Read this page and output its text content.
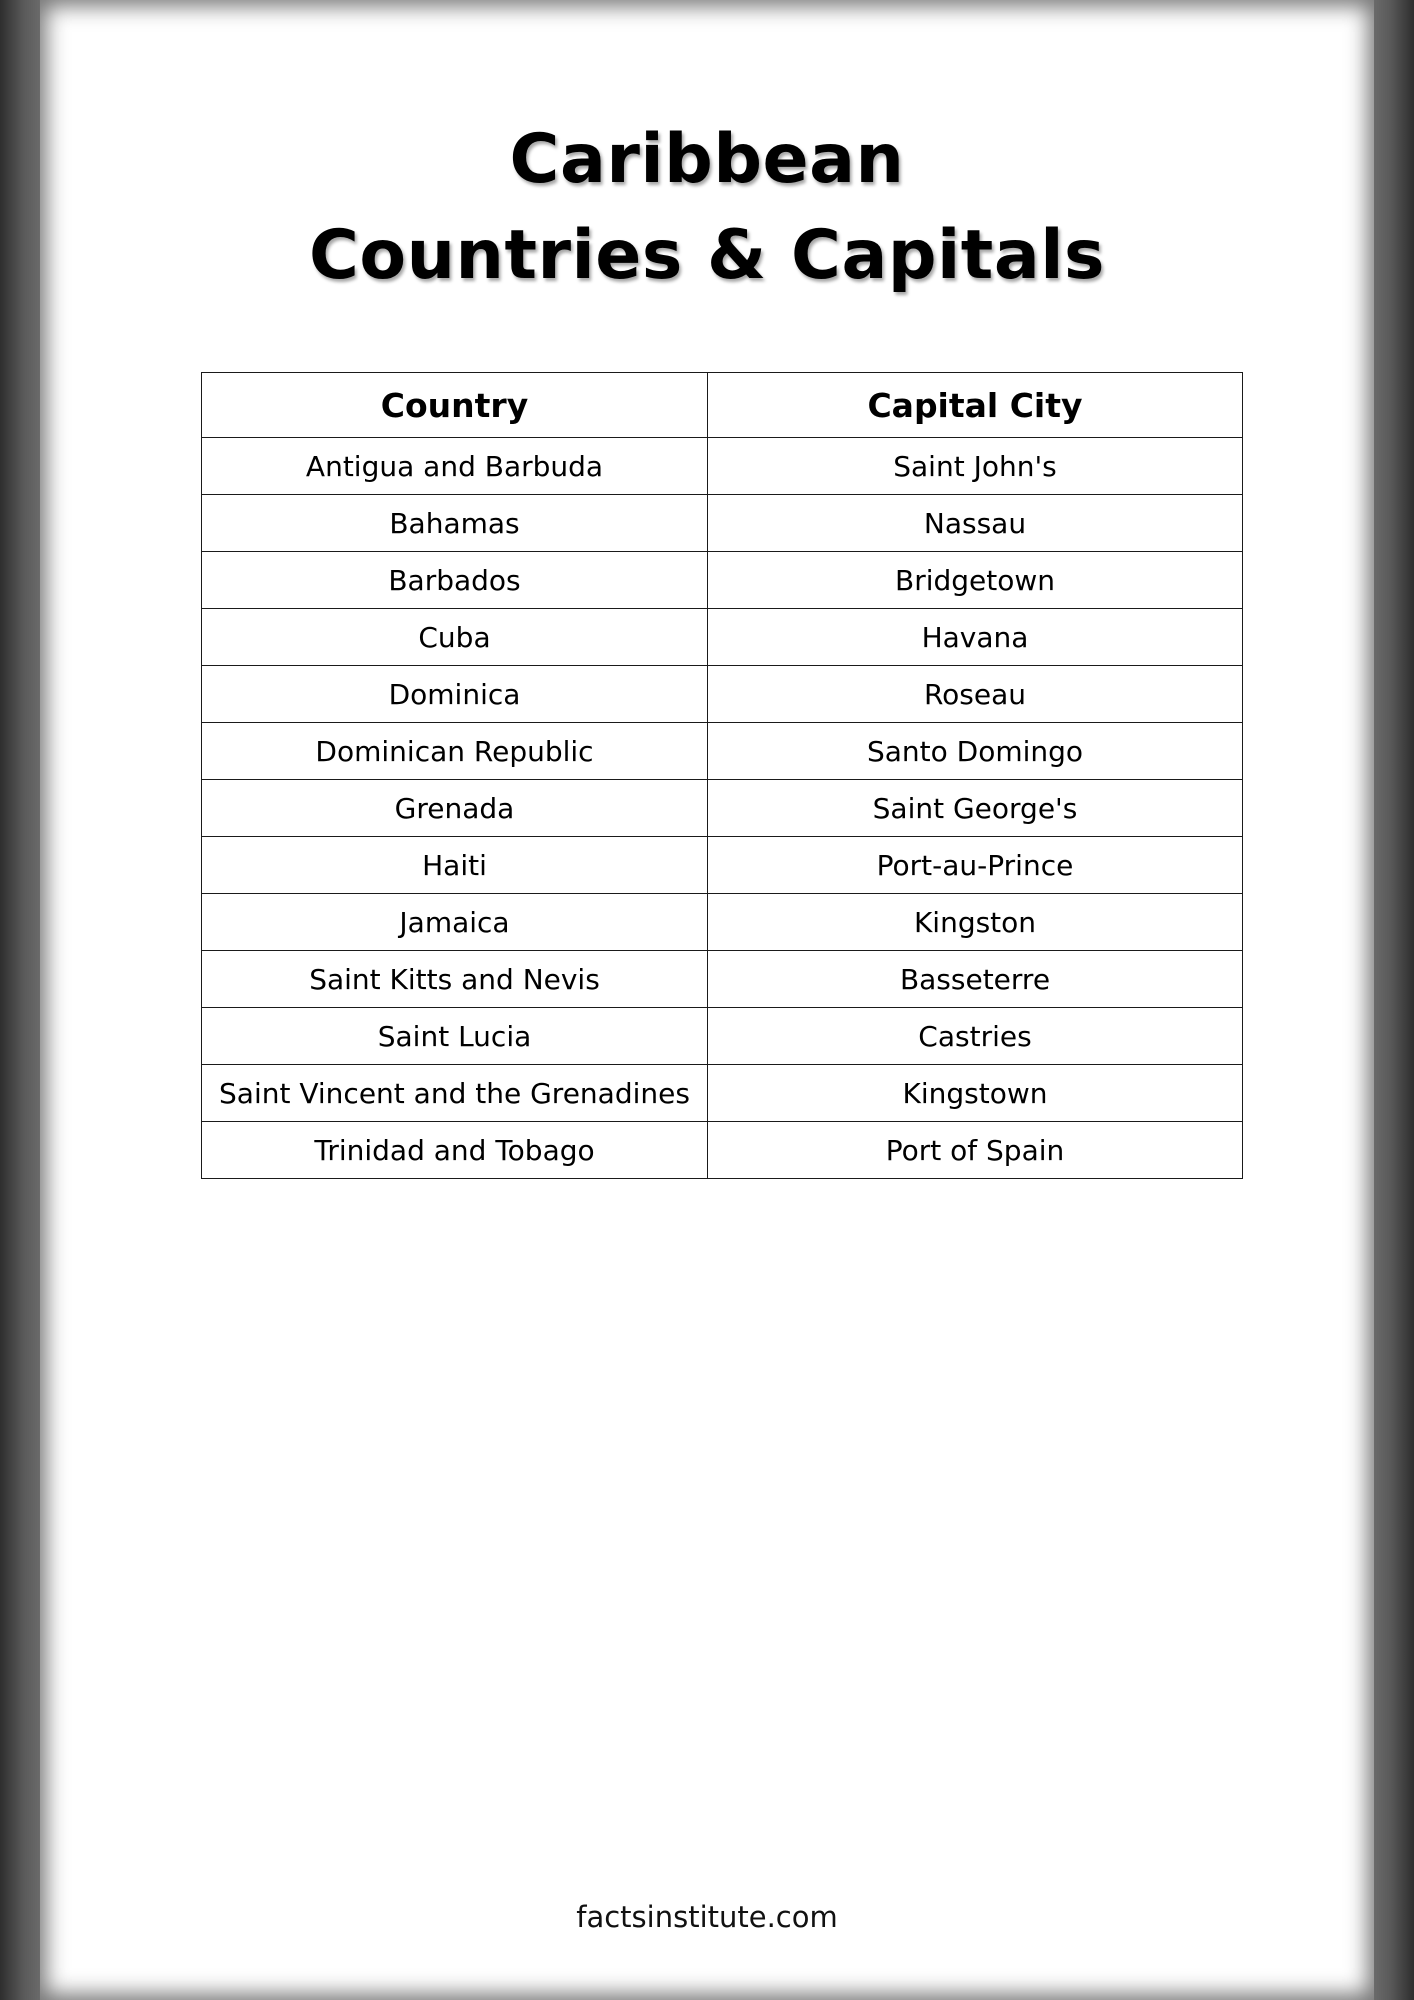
Caribbean
Countries & Capitals
Country	Capital City
Antigua and Barbuda	Saint John's
Bahamas	Nassau
Barbados	Bridgetown
Cuba	Havana
Dominica	Roseau
Dominican Republic	Santo Domingo
Grenada	Saint George's
Haiti	Port-au-Prince
Jamaica	Kingston
Saint Kitts and Nevis	Basseterre
Saint Lucia	Castries
Saint Vincent and the Grenadines	Kingstown
Trinidad and Tobago	Port of Spain
factsinstitute.com
